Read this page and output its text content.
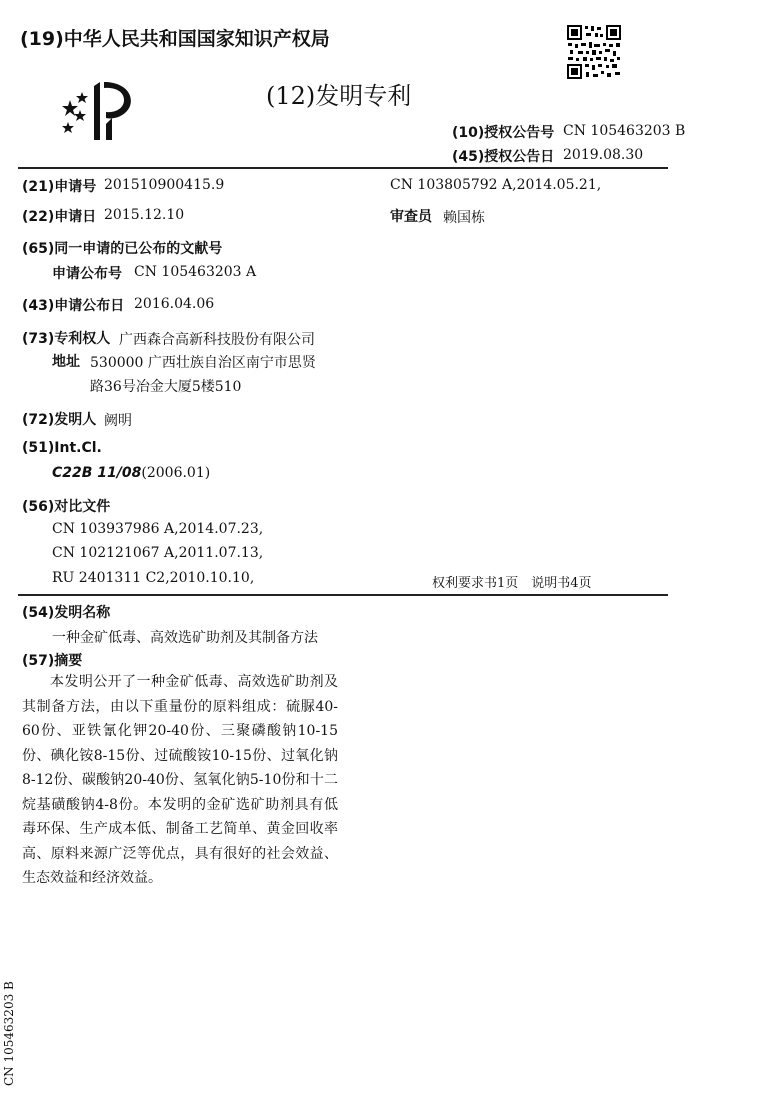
(19)中华人民共和国国家知识产权局
(12)发明专利
(10)授权公告号 CN 105463203 B
(45)授权公告日 2019.08.30
(21)申请号 201510900415.9
(22)申请日 2015.12.10
(65)同一申请的已公布的文献号
申请公布号 CN 105463203 A
(43)申请公布日 2016.04.06
(73)专利权人 广西森合高新科技股份有限公司
地址 530000 广西壮族自治区南宁市思贤
路36号冶金大厦5楼510
(72)发明人 阙明
(51)Int.Cl.
C22B 11/08(2006.01)
(56)对比文件
CN 103937986 A,2014.07.23,
CN 102121067 A,2011.07.13,
RU 2401311 C2,2010.10.10,
CN 103805792 A,2014.05.21,
审查员 赖国栋
权利要求书1页　说明书4页
(54)发明名称
一种金矿低毒、高效选矿助剂及其制备方法
(57)摘要

本发明公开了一种金矿低毒、高效选矿助剂及其制备方法，由以下重量份的原料组成：硫脲40-60份、亚铁氰化钾20-40份、三聚磷酸钠10-15份、碘化铵8-15份、过硫酸铵10-15份、过氧化钠8-12份、碳酸钠20-40份、氢氧化钠5-10份和十二烷基磺酸钠4-8份。本发明的金矿选矿助剂具有低毒环保、生产成本低、制备工艺简单、黄金回收率高、原料来源广泛等优点，具有很好的社会效益、生态效益和经济效益。

CN 105463203 B
